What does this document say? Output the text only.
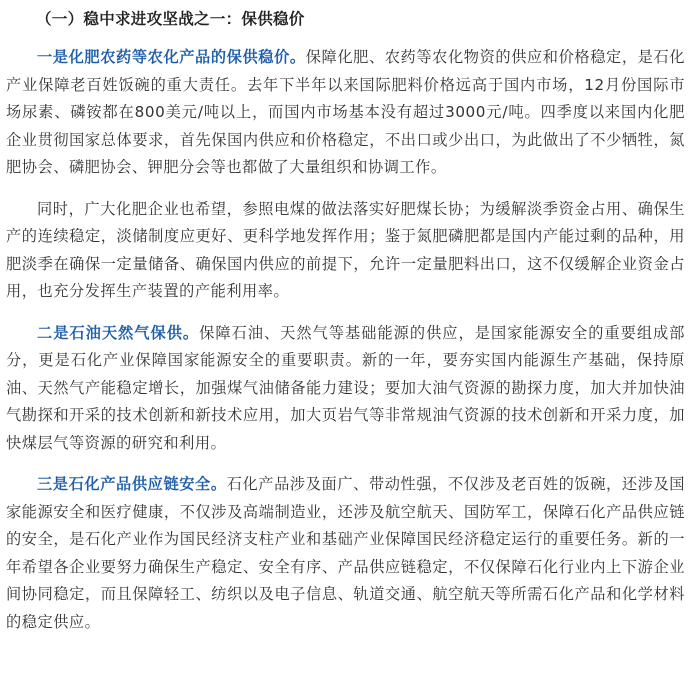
（一）稳中求进攻坚战之一：保供稳价

一是化肥农药等农化产品的保供稳价。保障化肥、农药等农化物资的供应和价格稳定，是石化产业保障老百姓饭碗的重大责任。去年下半年以来国际肥料价格远高于国内市场，12月份国际市场尿素、磷铵都在800美元/吨以上，而国内市场基本没有超过3000元/吨。四季度以来国内化肥企业贯彻国家总体要求，首先保国内供应和价格稳定，不出口或少出口，为此做出了不少牺牲，氮肥协会、磷肥协会、钾肥分会等也都做了大量组织和协调工作。

同时，广大化肥企业也希望，参照电煤的做法落实好肥煤长协；为缓解淡季资金占用、确保生产的连续稳定，淡储制度应更好、更科学地发挥作用；鉴于氮肥磷肥都是国内产能过剩的品种，用肥淡季在确保一定量储备、确保国内供应的前提下，允许一定量肥料出口，这不仅缓解企业资金占用，也充分发挥生产装置的产能利用率。

二是石油天然气保供。保障石油、天然气等基础能源的供应，是国家能源安全的重要组成部分，更是石化产业保障国家能源安全的重要职责。新的一年，要夯实国内能源生产基础，保持原油、天然气产能稳定增长，加强煤气油储备能力建设；要加大油气资源的勘探力度，加大并加快油气勘探和开采的技术创新和新技术应用，加大页岩气等非常规油气资源的技术创新和开采力度，加快煤层气等资源的研究和利用。

三是石化产品供应链安全。石化产品涉及面广、带动性强，不仅涉及老百姓的饭碗，还涉及国家能源安全和医疗健康，不仅涉及高端制造业，还涉及航空航天、国防军工，保障石化产品供应链的安全，是石化产业作为国民经济支柱产业和基础产业保障国民经济稳定运行的重要任务。新的一年希望各企业要努力确保生产稳定、安全有序、产品供应链稳定，不仅保障石化行业内上下游企业间协同稳定，而且保障轻工、纺织以及电子信息、轨道交通、航空航天等所需石化产品和化学材料的稳定供应。
